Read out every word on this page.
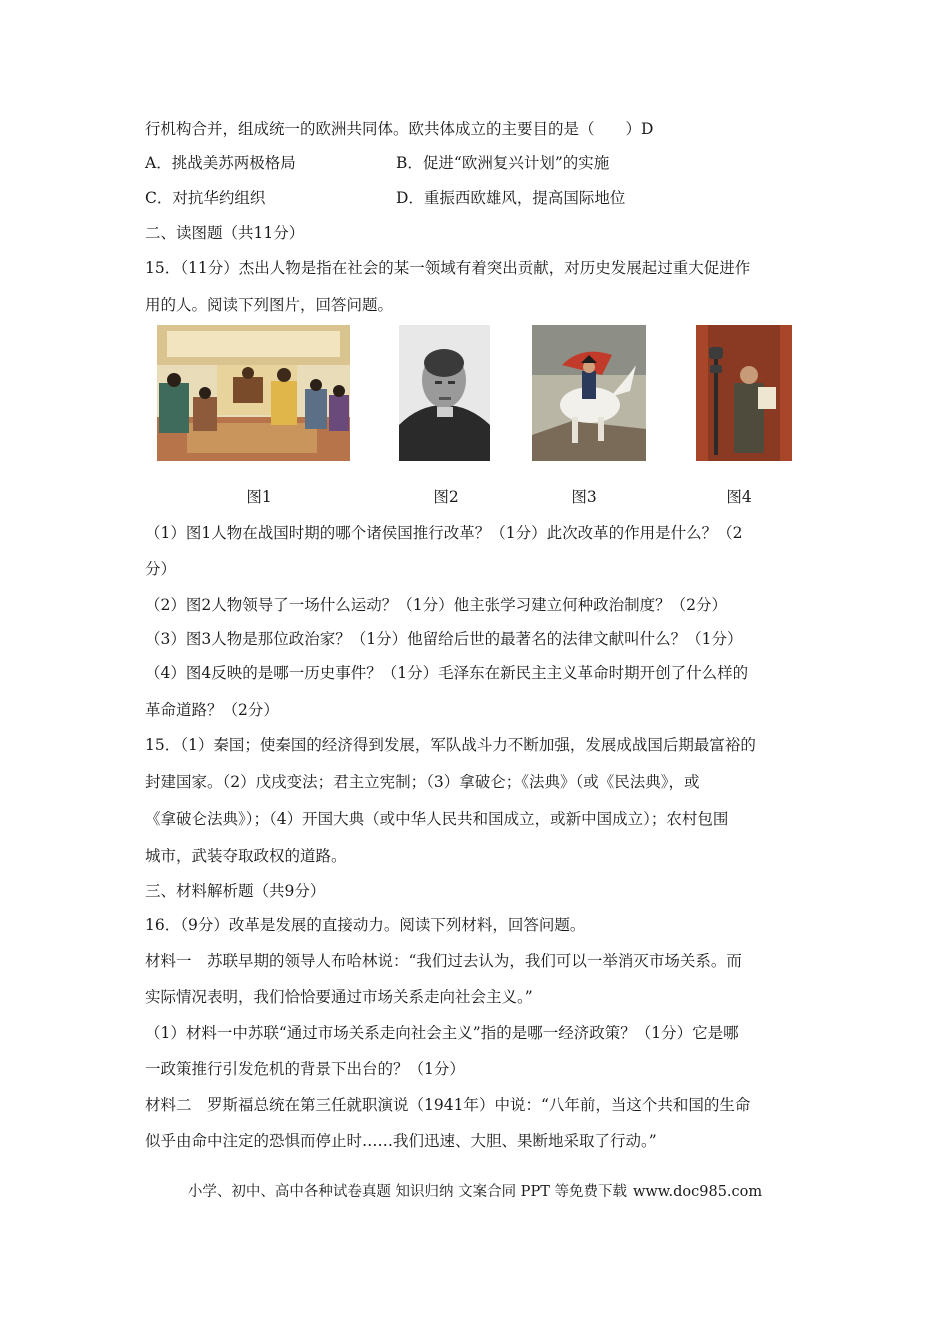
行机构合并，组成统一的欧洲共同体。欧共体成立的主要目的是（　　）D
A．挑战美苏两极格局	B．促进“欧洲复兴计划”的实施
C．对抗华约组织	D．重振西欧雄风，提高国际地位
二、读图题（共11分）
15．（11分）杰出人物是指在社会的某一领域有着突出贡献，对历史发展起过重大促进作
用的人。阅读下列图片，回答问题。
图1	图2	图3	图4
（1）图1人物在战国时期的哪个诸侯国推行改革？（1分）此次改革的作用是什么？（2
分）
（2）图2人物领导了一场什么运动？（1分）他主张学习建立何种政治制度？（2分）
（3）图3人物是那位政治家？（1分）他留给后世的最著名的法律文献叫什么？（1分）
（4）图4反映的是哪一历史事件？（1分）毛泽东在新民主主义革命时期开创了什么样的
革命道路？（2分）
15．（1）秦国；使秦国的经济得到发展，军队战斗力不断加强，发展成战国后期最富裕的
封建国家。（2）戊戌变法；君主立宪制；（3）拿破仑；《法典》（或《民法典》，或
《拿破仑法典》）；（4）开国大典（或中华人民共和国成立，或新中国成立）；农村包围
城市，武装夺取政权的道路。
三、材料解析题（共9分）
16．（9分）改革是发展的直接动力。阅读下列材料，回答问题。
材料一　苏联早期的领导人布哈林说：“我们过去认为，我们可以一举消灭市场关系。而
实际情况表明，我们恰恰要通过市场关系走向社会主义。”
（1）材料一中苏联“通过市场关系走向社会主义”指的是哪一经济政策？（1分）它是哪
一政策推行引发危机的背景下出台的？（1分）
材料二　罗斯福总统在第三任就职演说（1941年）中说：“八年前，当这个共和国的生命
似乎由命中注定的恐惧而停止时……我们迅速、大胆、果断地采取了行动。”
小学、初中、高中各种试卷真题 知识归纳 文案合同 PPT 等免费下载 www.doc985.com
